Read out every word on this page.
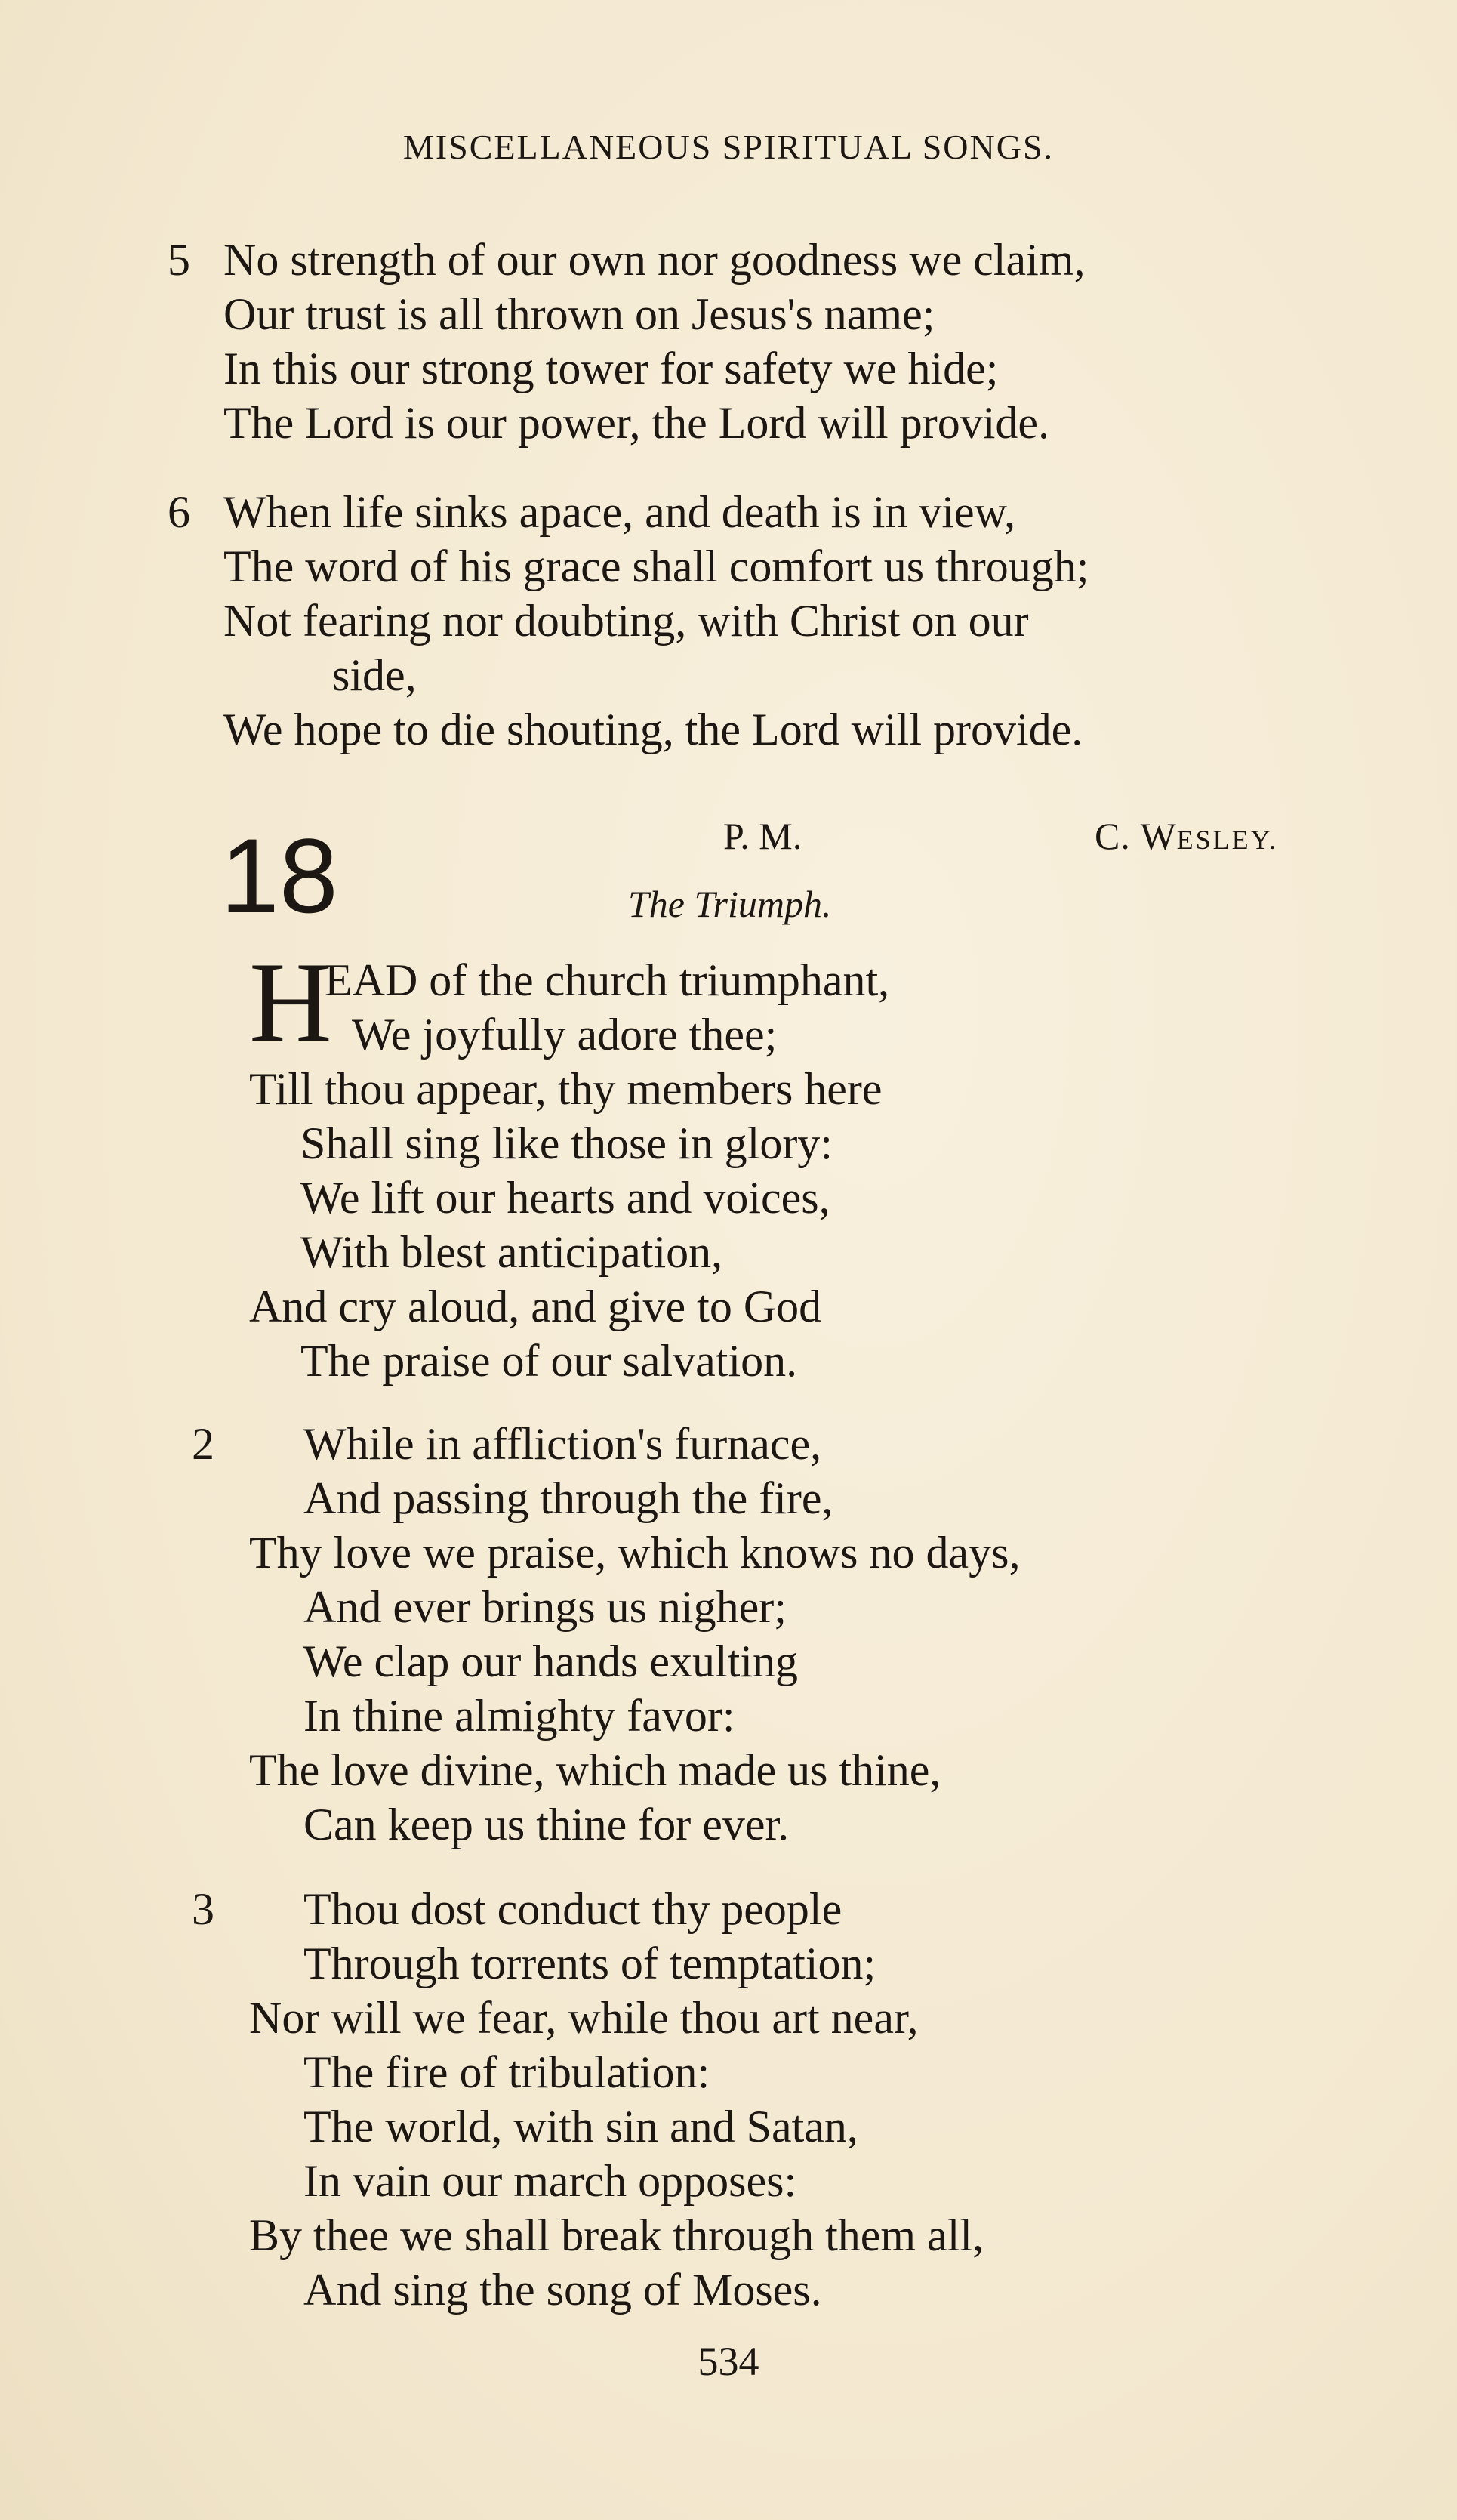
MISCELLANEOUS SPIRITUAL SONGS.
5 No strength of our own nor goodness we claim,
Our trust is all thrown on Jesus's name;
In this our strong tower for safety we hide;
The Lord is our power, the Lord will provide.
6 When life sinks apace, and death is in view,
The word of his grace shall comfort us through;
Not fearing nor doubting, with Christ on our
side,
We hope to die shouting, the Lord will provide.
18	P. M.	C. WESLEY.
The Triumph.
H
EAD of the church triumphant,
We joyfully adore thee;
Till thou appear, thy members here
Shall sing like those in glory:
We lift our hearts and voices,
With blest anticipation,
And cry aloud, and give to God
The praise of our salvation.
2 While in affliction's furnace,
And passing through the fire,
Thy love we praise, which knows no days,
And ever brings us nigher;
We clap our hands exulting
In thine almighty favor:
The love divine, which made us thine,
Can keep us thine for ever.
3 Thou dost conduct thy people
Through torrents of temptation;
Nor will we fear, while thou art near,
The fire of tribulation:
The world, with sin and Satan,
In vain our march opposes:
By thee we shall break through them all,
And sing the song of Moses.
534
